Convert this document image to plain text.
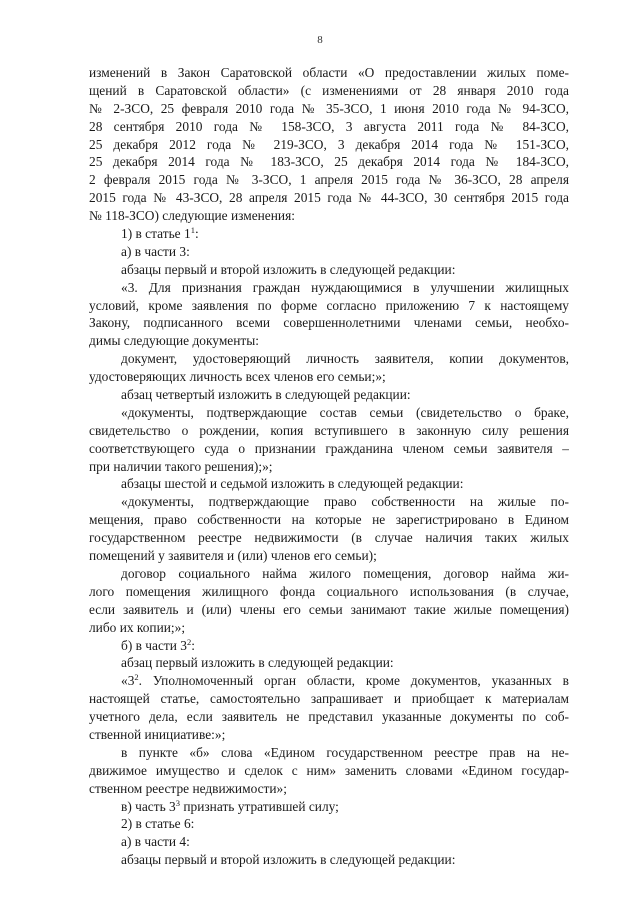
8
изменений в Закон Саратовской области «О предоставлении жилых поме-
щений в Саратовской области» (с изменениями от 28 января 2010 года
№ 2-ЗСО, 25 февраля 2010 года № 35-ЗСО, 1 июня 2010 года № 94-ЗСО,
28 сентября 2010 года № 158-ЗСО, 3 августа 2011 года № 84-ЗСО,
25 декабря 2012 года № 219-ЗСО, 3 декабря 2014 года № 151-ЗСО,
25 декабря 2014 года № 183-ЗСО, 25 декабря 2014 года № 184-ЗСО,
2 февраля 2015 года № 3-ЗСО, 1 апреля 2015 года № 36-ЗСО, 28 апреля
2015 года № 43-ЗСО, 28 апреля 2015 года № 44-ЗСО, 30 сентября 2015 года
№ 118-ЗСО) следующие изменения:
1) в статье $1^1$:
а) в части 3:
абзацы первый и второй изложить в следующей редакции:
«3. Для признания граждан нуждающимися в улучшении жилищных
условий, кроме заявления по форме согласно приложению 7 к настоящему
Закону, подписанного всеми совершеннолетними членами семьи, необхо-
димы следующие документы:
документ, удостоверяющий личность заявителя, копии документов,
удостоверяющих личность всех членов его семьи;»;
абзац четвертый изложить в следующей редакции:
«документы, подтверждающие состав семьи (свидетельство о браке,
свидетельство о рождении, копия вступившего в законную силу решения
соответствующего суда о признании гражданина членом семьи заявителя –
при наличии такого решения);»;
абзацы шестой и седьмой изложить в следующей редакции:
«документы, подтверждающие право собственности на жилые по-
мещения, право собственности на которые не зарегистрировано в Едином
государственном реестре недвижимости (в случае наличия таких жилых
помещений у заявителя и (или) членов его семьи);
договор социального найма жилого помещения, договор найма жи-
лого помещения жилищного фонда социального использования (в случае,
если заявитель и (или) члены его семьи занимают такие жилые помещения)
либо их копии;»;
б) в части $3^2$:
абзац первый изложить в следующей редакции:
«$3^2$. Уполномоченный орган области, кроме документов, указанных в
настоящей статье, самостоятельно запрашивает и приобщает к материалам
учетного дела, если заявитель не представил указанные документы по соб-
ственной инициативе:»;
в пункте «б» слова «Едином государственном реестре прав на не-
движимое имущество и сделок с ним» заменить словами «Едином государ-
ственном реестре недвижимости»;
в) часть $3^3$ признать утратившей силу;
2) в статье 6:
а) в части 4:
абзацы первый и второй изложить в следующей редакции:
